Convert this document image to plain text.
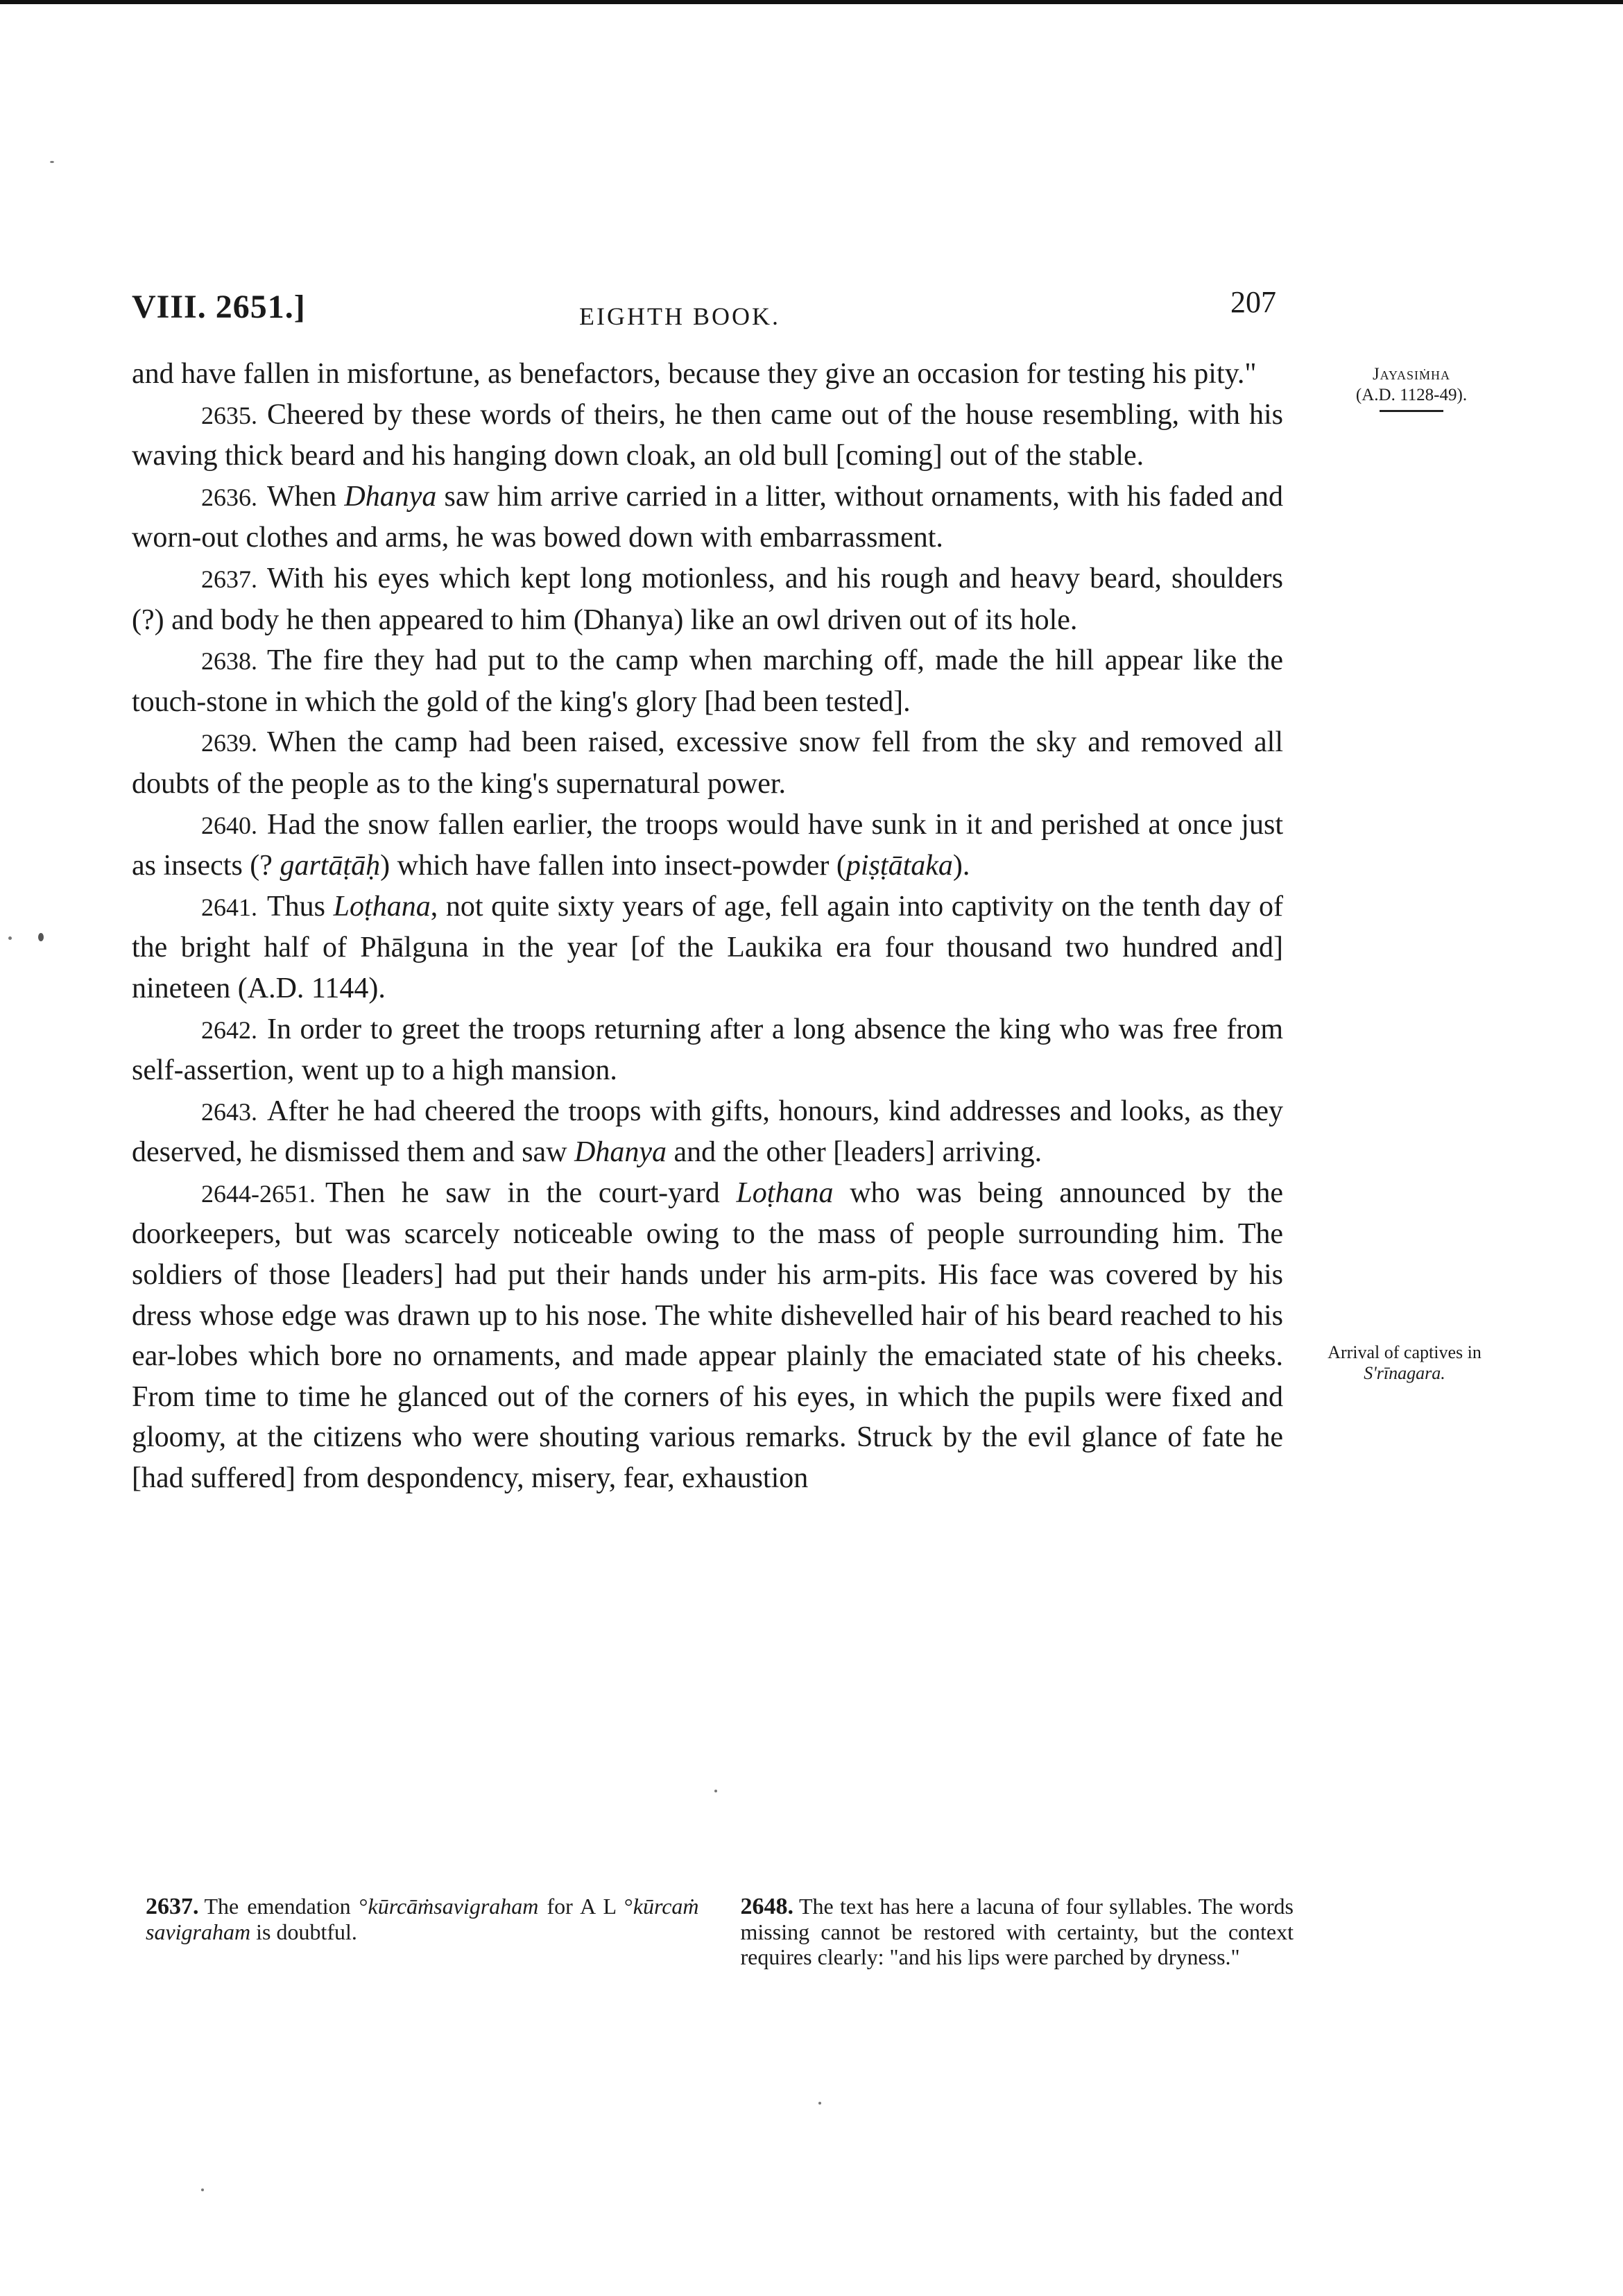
VIII. 2651.]	EIGHTH BOOK.	207
Jayasiṁha
(A.D. 1128-49).
Arrival of captives in
S'rīnagara.

and have fallen in misfortune, as benefactors, because they give an occasion for testing his pity."

2635. Cheered by these words of theirs, he then came out of the house resembling, with his waving thick beard and his hanging down cloak, an old bull [coming] out of the stable.

2636. When Dhanya saw him arrive carried in a litter, without ornaments, with his faded and worn-out clothes and arms, he was bowed down with embarrassment.

2637. With his eyes which kept long motionless, and his rough and heavy beard, shoulders (?) and body he then appeared to him (Dhanya) like an owl driven out of its hole.

2638. The fire they had put to the camp when marching off, made the hill appear like the touch-stone in which the gold of the king's glory [had been tested].

2639. When the camp had been raised, excessive snow fell from the sky and removed all doubts of the people as to the king's supernatural power.

2640. Had the snow fallen earlier, the troops would have sunk in it and perished at once just as insects (? gartāṭāḥ) which have fallen into insect-powder (piṣṭātaka).

2641. Thus Loṭhana, not quite sixty years of age, fell again into captivity on the tenth day of the bright half of Phālguna in the year [of the Laukika era four thousand two hundred and] nineteen (A.D. 1144).

2642. In order to greet the troops returning after a long absence the king who was free from self-assertion, went up to a high mansion.

2643. After he had cheered the troops with gifts, honours, kind addresses and looks, as they deserved, he dismissed them and saw Dhanya and the other [leaders] arriving.

2644-2651. Then he saw in the court-yard Loṭhana who was being announced by the doorkeepers, but was scarcely noticeable owing to the mass of people surrounding him. The soldiers of those [leaders] had put their hands under his arm-pits. His face was covered by his dress whose edge was drawn up to his nose. The white dishevelled hair of his beard reached to his ear-lobes which bore no ornaments, and made appear plainly the emaciated state of his cheeks. From time to time he glanced out of the corners of his eyes, in which the pupils were fixed and gloomy, at the citizens who were shouting various remarks. Struck by the evil glance of fate he [had suffered] from despondency, misery, fear, exhaustion

2637. The emendation °kūrcāṁsavigraham for A L °kūrcaṁ savigraham is doubtful.

2648. The text has here a lacuna of four syllables. The words missing cannot be restored with certainty, but the context requires clearly: "and his lips were parched by dryness."
